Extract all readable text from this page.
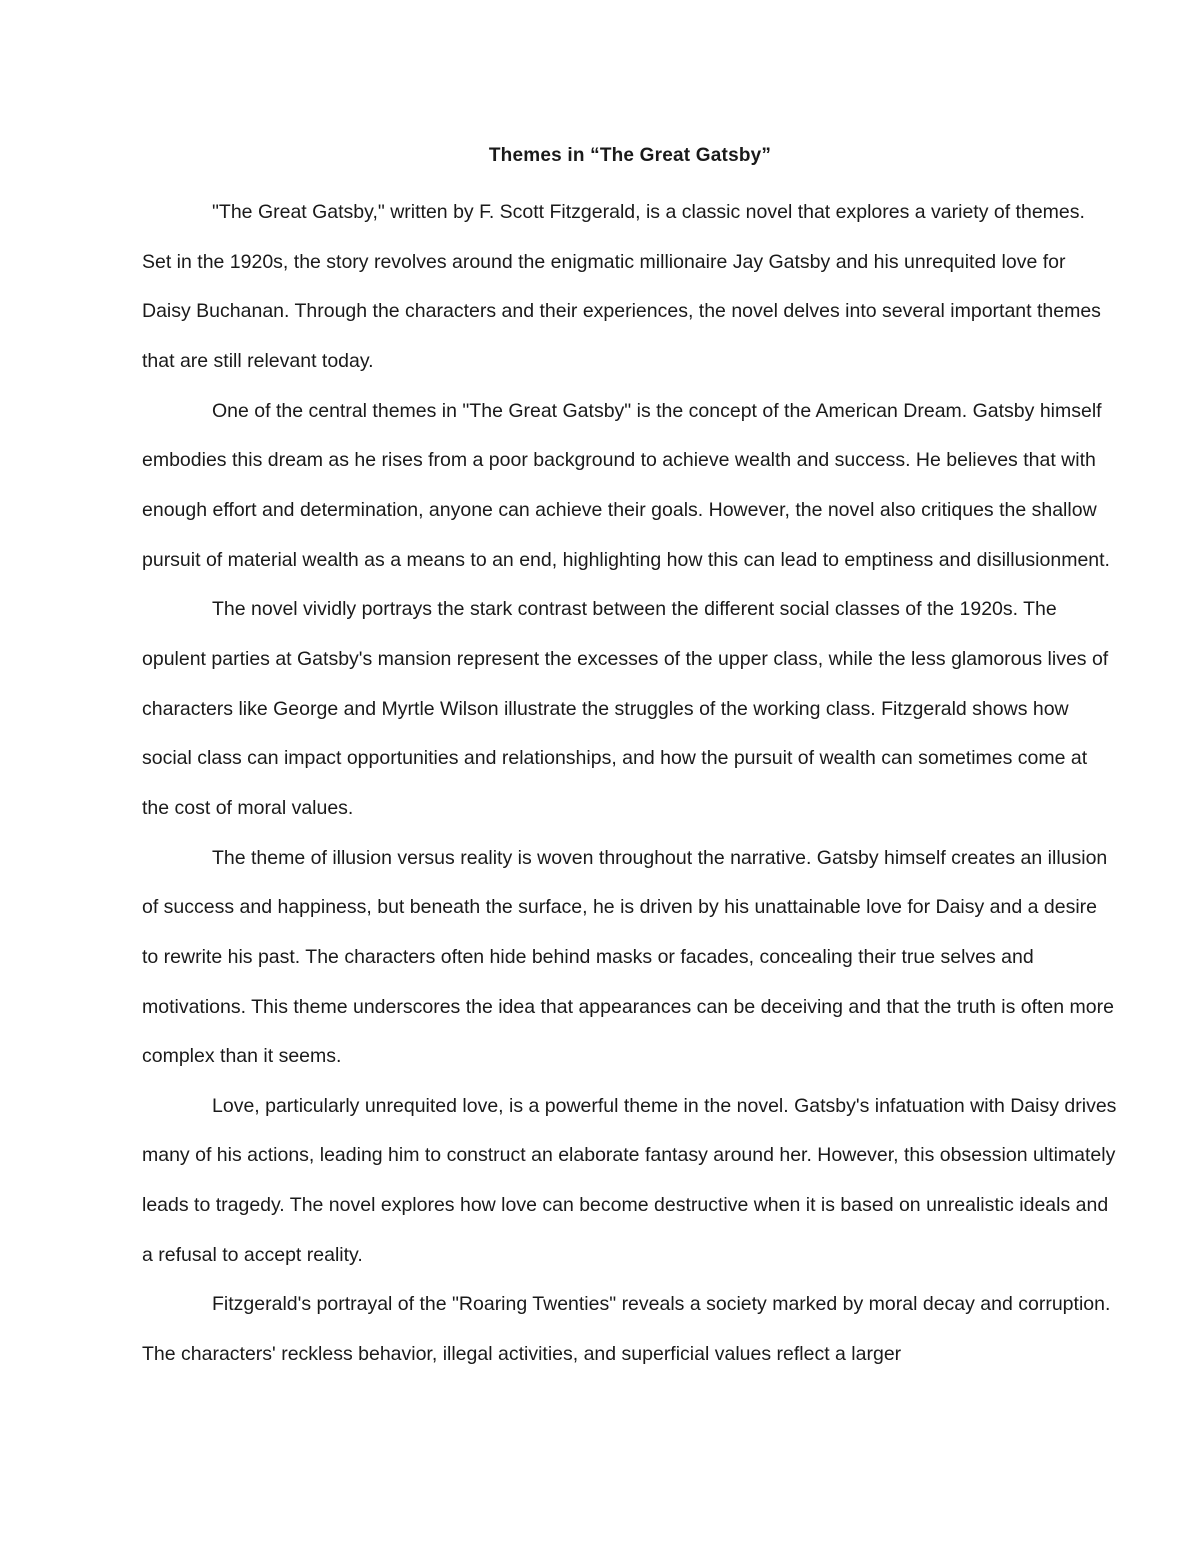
Themes in “The Great Gatsby”

"The Great Gatsby," written by F. Scott Fitzgerald, is a classic novel that explores a variety of themes. Set in the 1920s, the story revolves around the enigmatic millionaire Jay Gatsby and his unrequited love for Daisy Buchanan. Through the characters and their experiences, the novel delves into several important themes that are still relevant today.

One of the central themes in "The Great Gatsby" is the concept of the American Dream. Gatsby himself embodies this dream as he rises from a poor background to achieve wealth and success. He believes that with enough effort and determination, anyone can achieve their goals. However, the novel also critiques the shallow pursuit of material wealth as a means to an end, highlighting how this can lead to emptiness and disillusionment.

The novel vividly portrays the stark contrast between the different social classes of the 1920s. The opulent parties at Gatsby's mansion represent the excesses of the upper class, while the less glamorous lives of characters like George and Myrtle Wilson illustrate the struggles of the working class. Fitzgerald shows how social class can impact opportunities and relationships, and how the pursuit of wealth can sometimes come at the cost of moral values.

The theme of illusion versus reality is woven throughout the narrative. Gatsby himself creates an illusion of success and happiness, but beneath the surface, he is driven by his unattainable love for Daisy and a desire to rewrite his past. The characters often hide behind masks or facades, concealing their true selves and motivations. This theme underscores the idea that appearances can be deceiving and that the truth is often more complex than it seems.

Love, particularly unrequited love, is a powerful theme in the novel. Gatsby's infatuation with Daisy drives many of his actions, leading him to construct an elaborate fantasy around her. However, this obsession ultimately leads to tragedy. The novel explores how love can become destructive when it is based on unrealistic ideals and a refusal to accept reality.

Fitzgerald's portrayal of the "Roaring Twenties" reveals a society marked by moral decay and corruption. The characters' reckless behavior, illegal activities, and superficial values reflect a larger
